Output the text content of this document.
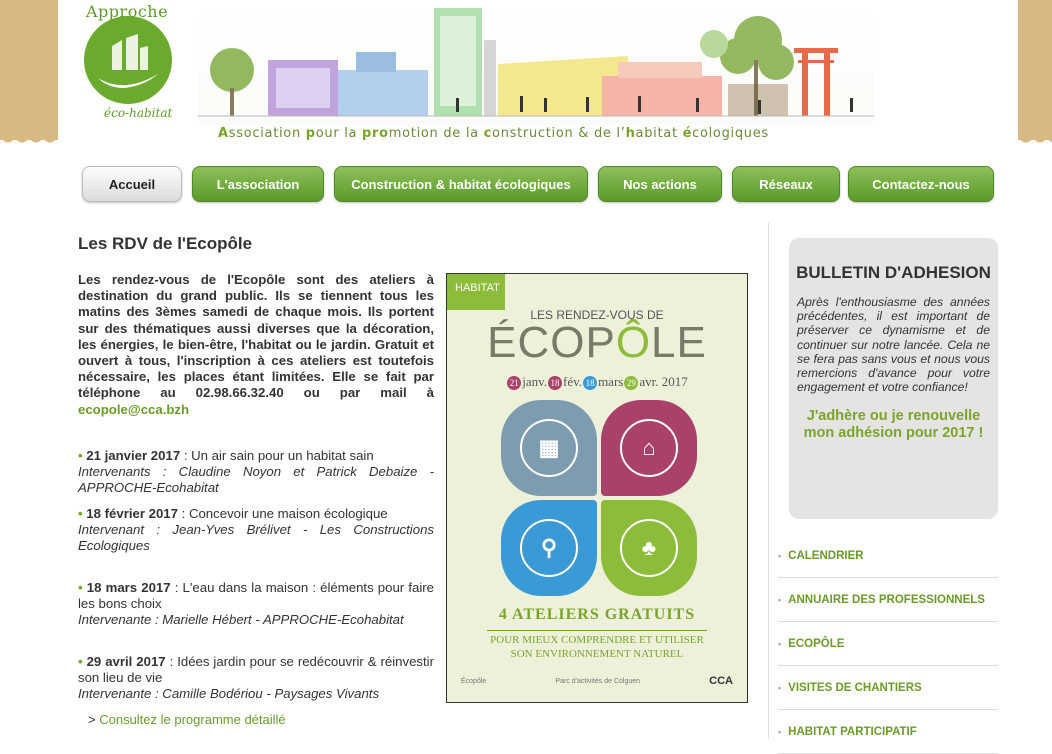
Approche
éco-habitat
Association pour la promotion de la construction & de l’habitat écologiques
Accueil	L'association	Construction & habitat écologiques	Nos actions	Réseaux	Contactez-nous
Les RDV de l'Ecopôle
Les rendez-vous de l'Ecopôle sont des ateliers à destination du grand public. Ils se tiennent tous les matins des 3èmes samedi de chaque mois. Ils portent sur des thématiques aussi diverses que la décoration, les énergies, le bien-être, l'habitat ou le jardin. Gratuit et ouvert à tous, l'inscription à ces ateliers est toutefois nécessaire, les places étant limitées. Elle se fait par téléphone au 02.98.66.32.40 ou par mail à ecopole@cca.bzh
• 21 janvier 2017 : Un air sain pour un habitat sain
Intervenants : Claudine Noyon et Patrick Debaize - APPROCHE-Ecohabitat
• 18 février 2017 : Concevoir une maison écologique
Intervenant : Jean-Yves Brélivet - Les Constructions Ecologiques
• 18 mars 2017 : L'eau dans la maison : éléments pour faire les bons choix
Intervenante : Marielle Hébert - APPROCHE-Ecohabitat
• 29 avril 2017 : Idées jardin pour se redécouvrir & réinvestir son lieu de vie
Intervenante : Camille Bodériou - Paysages Vivants
> Consultez le programme détaillé
HABITAT
LES RENDEZ-VOUS DE
ÉCOPÔLE
21 janv. 18 fév. 18 mars 29 avr. 2017
▦	⌂
⚲	♣
4 ATELIERS GRATUITS
POUR MIEUX COMPRENDRE ET UTILISER SON ENVIRONNEMENT NATUREL
Écopôle	Parc d'activités de Colguen	CCA
BULLETIN D'ADHESION

Après l'enthousiasme des années précédentes, il est important de préserver ce dynamisme et de continuer sur notre lancée. Cela ne se fera pas sans vous et nous vous remercions d'avance pour votre engagement et votre confiance!

J'adhère ou je renouvelle mon adhésion pour 2017 !
• CALENDRIER
• ANNUAIRE DES PROFESSIONNELS
• ECOPÔLE
• VISITES DE CHANTIERS
• HABITAT PARTICIPATIF
